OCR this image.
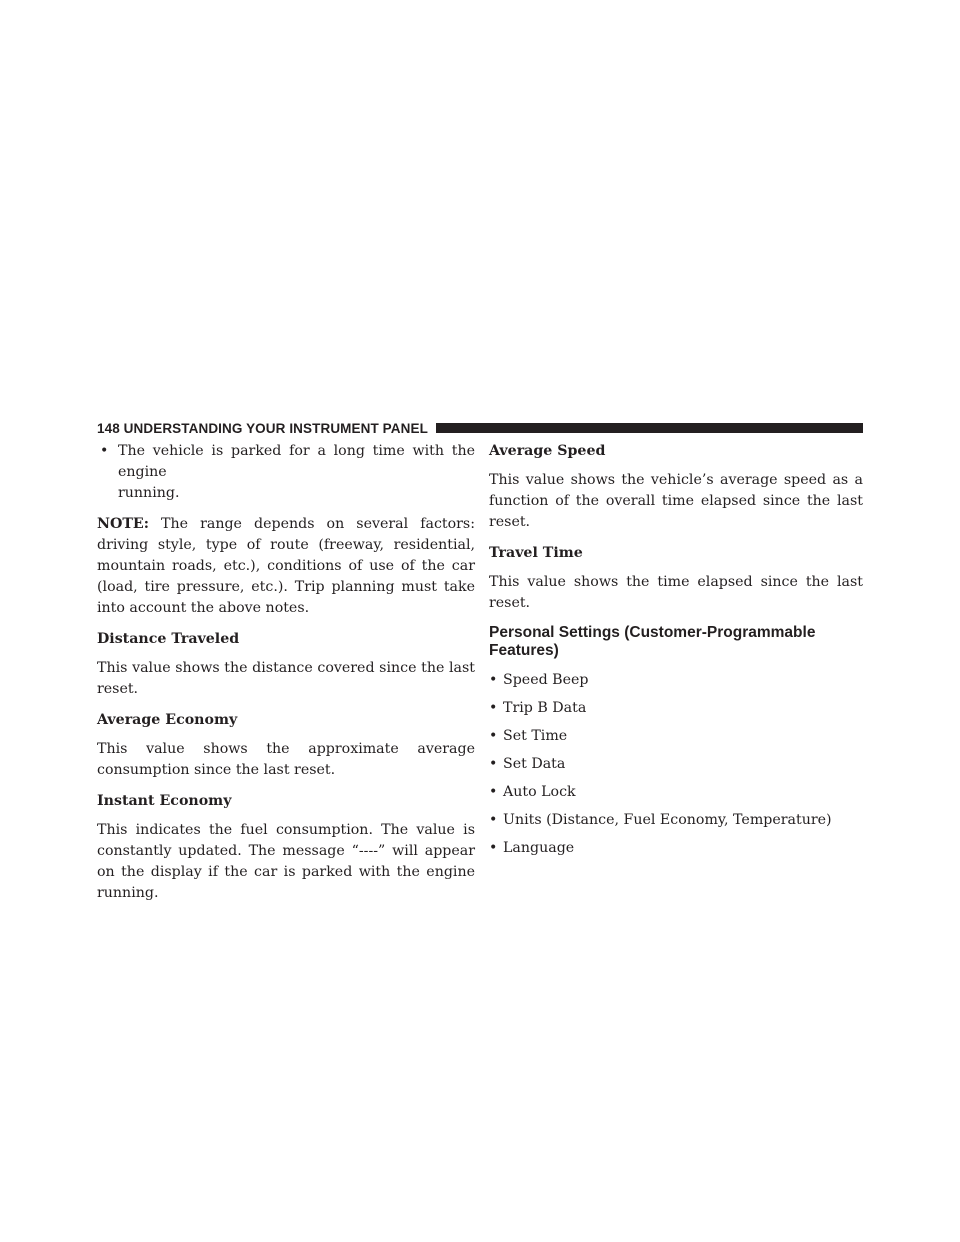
148 UNDERSTANDING YOUR INSTRUMENT PANEL
• The vehicle is parked for a long time with the engine

running.

NOTE: The range depends on several factors: driving style, type of route (freeway, residential, mountain roads, etc.), conditions of use of the car (load, tire pressure, etc.). Trip planning must take into account the above notes.

Distance Traveled

This value shows the distance covered since the last reset.

Average Economy

This value shows the approximate average consumption since the last reset.

Instant Economy

This indicates the fuel consumption. The value is constantly updated. The message “----” will appear on the display if the car is parked with the engine running.

Average Speed

This value shows the vehicle’s average speed as a function of the overall time elapsed since the last reset.

Travel Time

This value shows the time elapsed since the last reset.

Personal Settings (Customer-Programmable Features)

• Speed Beep
• Trip B Data
• Set Time
• Set Data
• Auto Lock
• Units (Distance, Fuel Economy, Temperature)
• Language
